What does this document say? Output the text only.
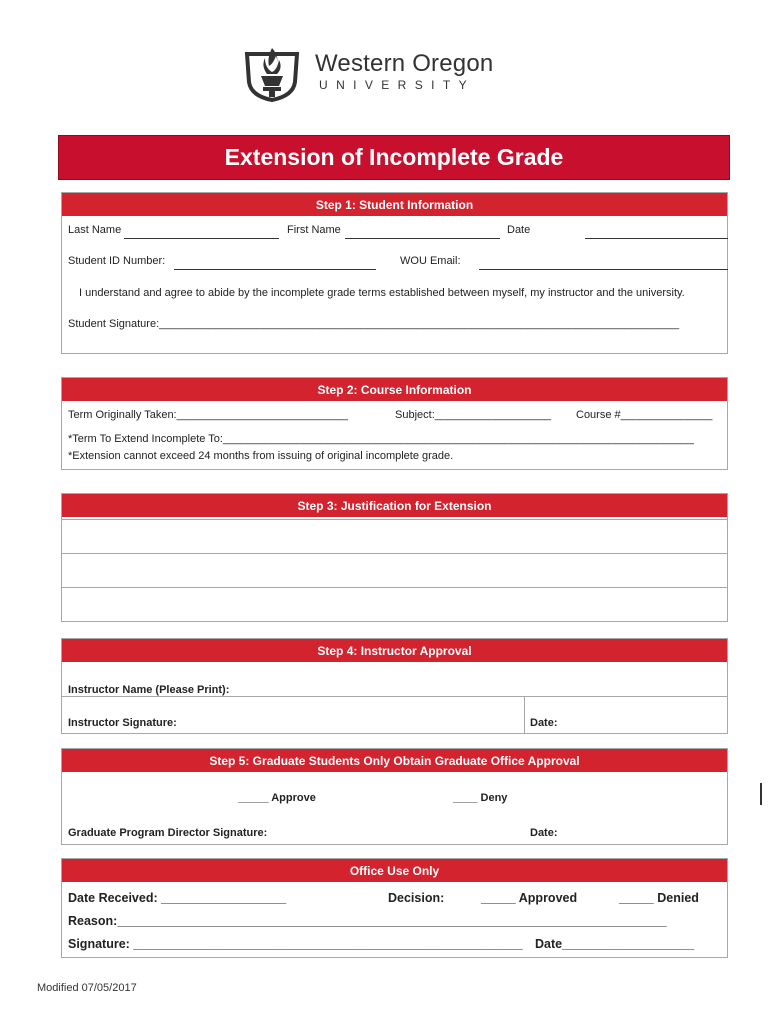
Western Oregon
UNIVERSITY
Extension of Incomplete Grade
Step 1: Student Information
Last Name	First Name	Date
Student ID Number:	WOU Email:
I understand and agree to abide by the incomplete grade terms established between myself, my instructor and the university.
Student Signature:_____________________________________________________________________________________
Step 2: Course Information
Term Originally Taken:____________________________	Subject:___________________ Course #_______________
*Term To Extend Incomplete To:_____________________________________________________________________________
*Extension cannot exceed 24 months from issuing of original incomplete grade.
Step 3: Justification for Extension
Step 4: Instructor Approval
Instructor Name (Please Print):
Instructor Signature:	Date:
Step 5: Graduate Students Only Obtain Graduate Office Approval
_____ Approve	____ Deny
Graduate Program Director Signature:	Date:
Office Use Only
Date Received: __________________	Decision:	_____ Approved	_____ Denied
Reason:_______________________________________________________________________________
Signature: ________________________________________________________ Date___________________
Modified 07/05/2017
